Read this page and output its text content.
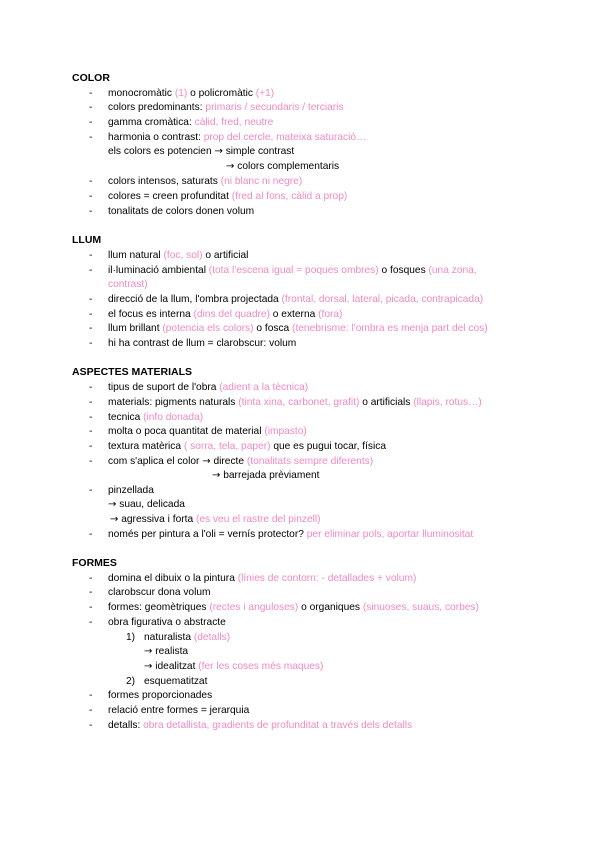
COLOR
- monocromàtic (1) o policromàtic (+1)
- colors predominants: primaris / secundaris / terciaris
- gamma cromàtica: càlid, fred, neutre
- harmonia o contrast: prop del cercle, mateixa saturació…
els colors es potencien → simple contrast
→ colors complementaris
- colors intensos, saturats (ni blanc ni negre)
- colores = creen profunditat (fred al fons, càlid a prop)
- tonalitats de colors donen volum
LLUM
- llum natural (foc, sol) o artificial
- il·luminació ambiental (tota l'escena igual = poques ombres) o fosques (una zona,
contrast)
- direcció de la llum, l'ombra projectada (frontal, dorsal, lateral, picada, contrapicada)
- el focus es interna (dins del quadre) o externa (fora)
- llum brillant (potencia els colors) o fosca (tenebrisme: l'ombra es menja part del cos)
- hi ha contrast de llum = clarobscur: volum
ASPECTES MATERIALS
- tipus de suport de l'obra (adient a la tècnica)
- materials: pigments naturals (tinta xina, carbonet, grafit) o artificials (llapis, rotus…)
- tecnica (info donada)
- molta o poca quantitat de material (impasto)
- textura matèrica ( sorra, tela, paper) que es pugui tocar, física
- com s'aplica el color → directe (tonalitats sempre diferents)
→ barrejada prèviament
- pinzellada
→ suau, delicada
→ agressiva i forta (es veu el rastre del pinzell)
- només per pintura a l'oli = vernís protector? per eliminar pols, aportar lluminositat
FORMES
- domina el dibuix o la pintura (línies de contorn: - detallades + volum)
- clarobscur dona volum
- formes: geomètriques (rectes i anguloses) o organiques (sinuoses, suaus, corbes)
- obra figurativa o abstracte
1) naturalista (detalls)
→ realista
→ idealitzat (fer les coses més maques)
2) esquematitzat
- formes proporcionades
- relació entre formes = jerarquia
- detalls: obra detallista, gradients de profunditat a través dels detalls
